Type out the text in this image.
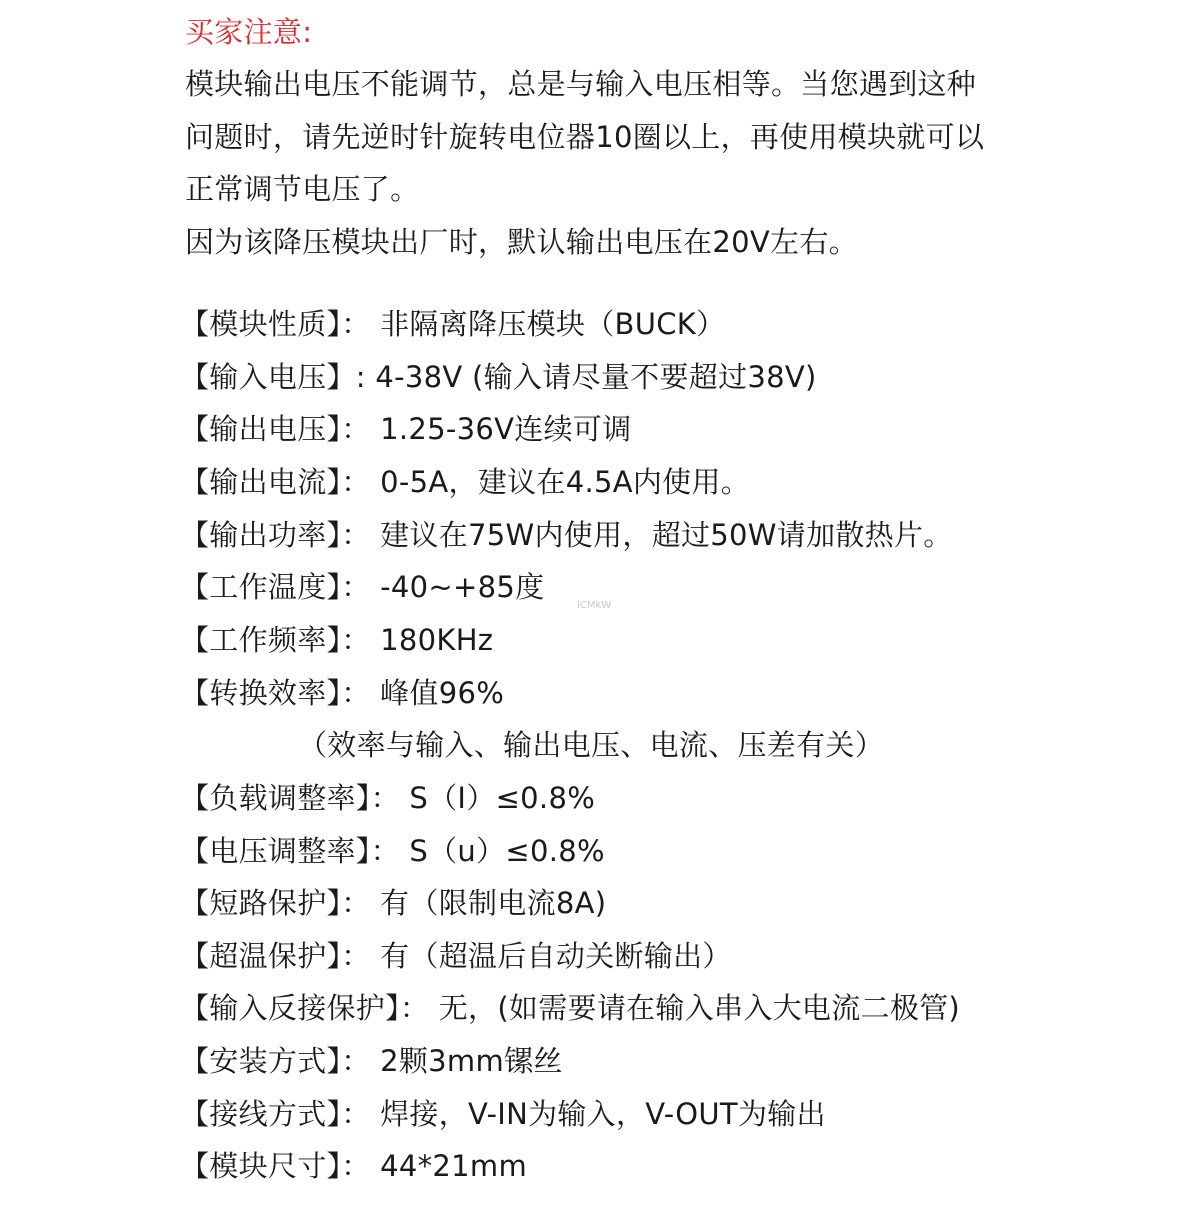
买家注意:
模块输出电压不能调节，总是与输入电压相等。当您遇到这种
问题时，请先逆时针旋转电位器10圈以上，再使用模块就可以
正常调节电压了。
因为该降压模块出厂时，默认输出电压在20V左右。
【模块性质】： 非隔离降压模块（BUCK）
【输入电压】: 4-38V (输入请尽量不要超过38V)
【输出电压】： 1.25-36V连续可调
【输出电流】： 0-5A，建议在4.5A内使用。
【输出功率】： 建议在75W内使用，超过50W请加散热片。
【工作温度】： -40~+85度
【工作频率】： 180KHz
【转换效率】： 峰值96%
（效率与输入、输出电压、电流、压差有关）
【负载调整率】： S（I）≤0.8%
【电压调整率】： S（u）≤0.8%
【短路保护】： 有（限制电流8A)
【超温保护】： 有（超温后自动关断输出）
【输入反接保护】： 无，(如需要请在输入串入大电流二极管)
【安装方式】： 2颗3mm镙丝
【接线方式】： 焊接，V-IN为输入，V-OUT为输出
【模块尺寸】： 44*21mm
ICMkW
